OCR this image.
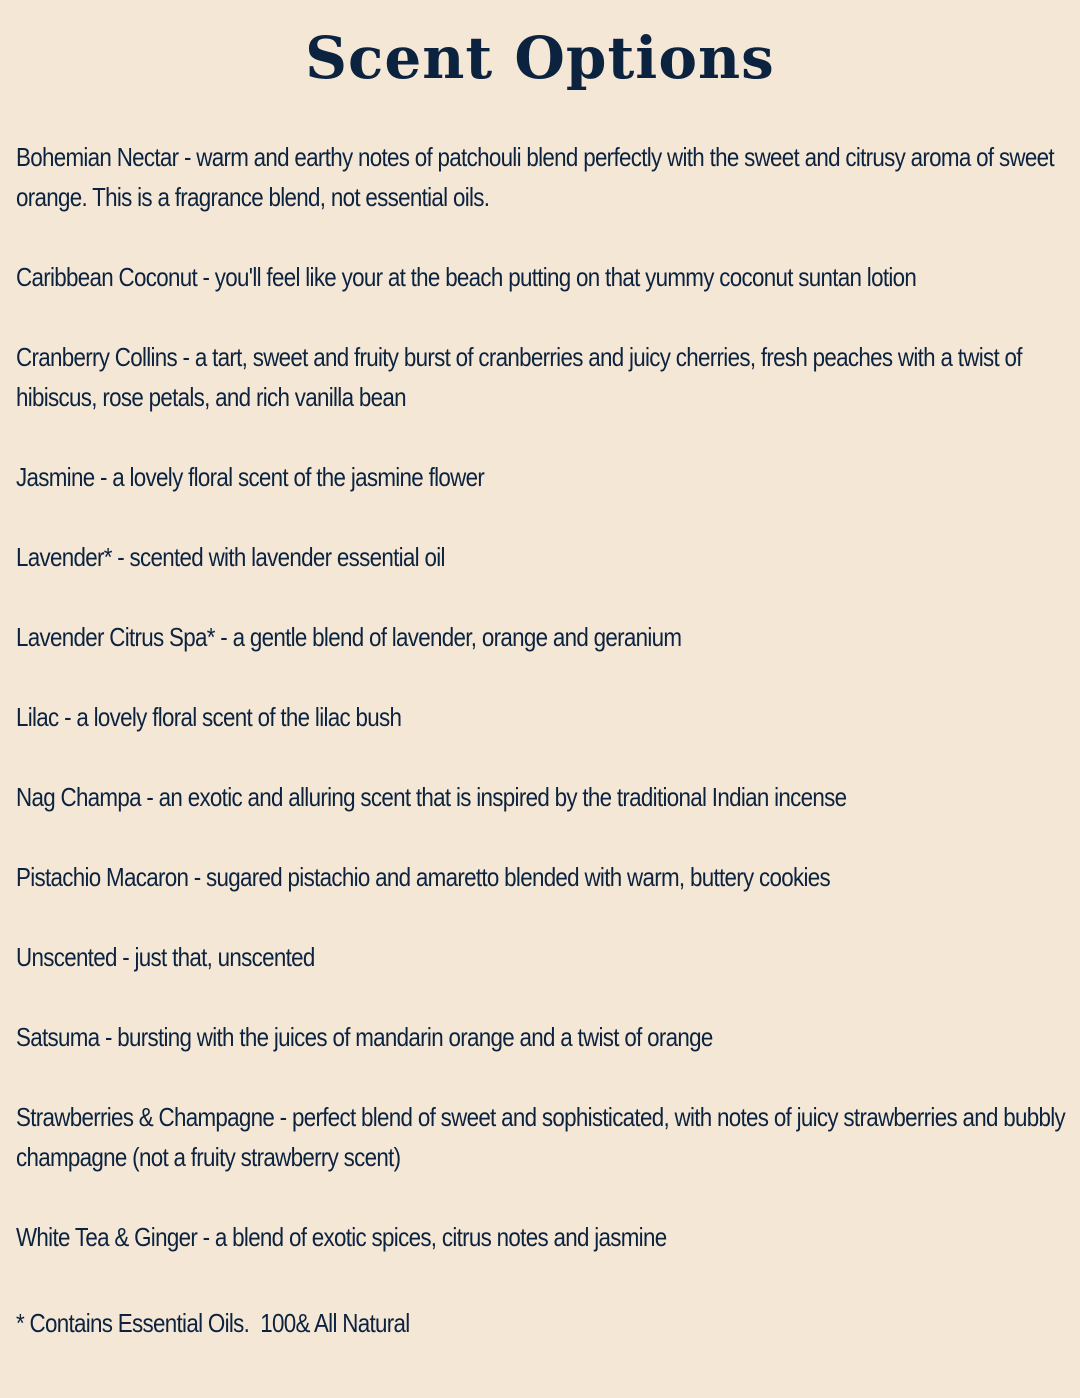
Scent Options
Bohemian Nectar - warm and earthy notes of patchouli blend perfectly with the sweet and citrusy aroma of sweet orange. This is a fragrance blend, not essential oils.
Caribbean Coconut - you'll feel like your at the beach putting on that yummy coconut suntan lotion
Cranberry Collins - a tart, sweet and fruity burst of cranberries and juicy cherries, fresh peaches with a twist of hibiscus, rose petals, and rich vanilla bean
Jasmine - a lovely floral scent of the jasmine flower
Lavender* - scented with lavender essential oil
Lavender Citrus Spa* - a gentle blend of lavender, orange and geranium
Lilac - a lovely floral scent of the lilac bush
Nag Champa - an exotic and alluring scent that is inspired by the traditional Indian incense
Pistachio Macaron - sugared pistachio and amaretto blended with warm, buttery cookies
Unscented - just that, unscented
Satsuma - bursting with the juices of mandarin orange and a twist of orange
Strawberries & Champagne - perfect blend of sweet and sophisticated, with notes of juicy strawberries and bubbly champagne (not a fruity strawberry scent)
White Tea & Ginger - a blend of exotic spices, citrus notes and jasmine

* Contains Essential Oils.  100& All Natural
